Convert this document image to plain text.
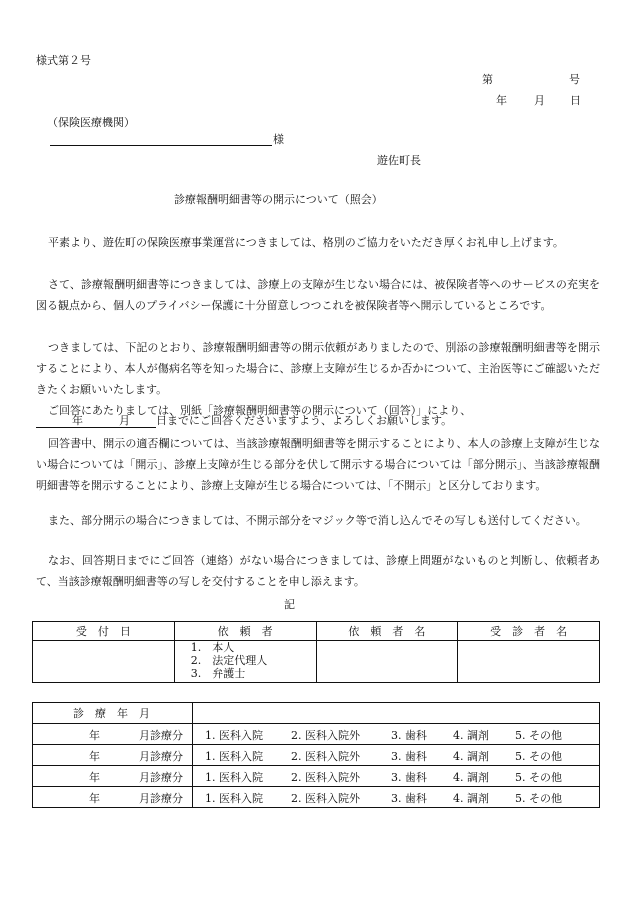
様式第２号
第	号
年 月 日
（保険医療機関）
様
遊佐町長
診療報酬明細書等の開示について（照会）
平素より、遊佐町の保険医療事業運営につきましては、格別のご協力をいただき厚くお礼申し上げます。
さて、診療報酬明細書等につきましては、診療上の支障が生じない場合には、被保険者等へのサービスの充実を図る観点から、個人のプライバシー保護に十分留意しつつこれを被保険者等へ開示しているところです。
つきましては、下記のとおり、診療報酬明細書等の開示依頼がありましたので、別添の診療報酬明細書等を開示することにより、本人が傷病名等を知った場合に、診療上支障が生じるか否かについて、主治医等にご確認いただきたくお願いいたします。
ご回答にあたりましては、別紙「診療報酬明細書等の開示について（回答）」により、
年	月 日までにご回答くださいますよう、よろしくお願いします。
回答書中、開示の適否欄については、当該診療報酬明細書等を開示することにより、本人の診療上支障が生じない場合については「開示」、診療上支障が生じる部分を伏して開示する場合については「部分開示」、当該診療報酬明細書等を開示することにより、診療上支障が生じる場合については、「不開示」と区分しております。
また、部分開示の場合につきましては、不開示部分をマジック等で消し込んでその写しも送付してください。
なお、回答期日までにご回答（連絡）がない場合につきましては、診療上問題がないものと判断し、依頼者あて、当該診療報酬明細書等の写しを交付することを申し添えます。
記
受　付　日	依　頼　者	依　頼　者　名	受　診　者　名

	1.　本人
2.　法定代理人
3.　弁護士		

診　療　年　月	

年 月診療分	1. 医科入院 2. 医科入院外 3. 歯科 4. 調剤 5. その他

年 月診療分	1. 医科入院 2. 医科入院外 3. 歯科 4. 調剤 5. その他

年 月診療分	1. 医科入院 2. 医科入院外 3. 歯科 4. 調剤 5. その他

年 月診療分	1. 医科入院 2. 医科入院外 3. 歯科 4. 調剤 5. その他
